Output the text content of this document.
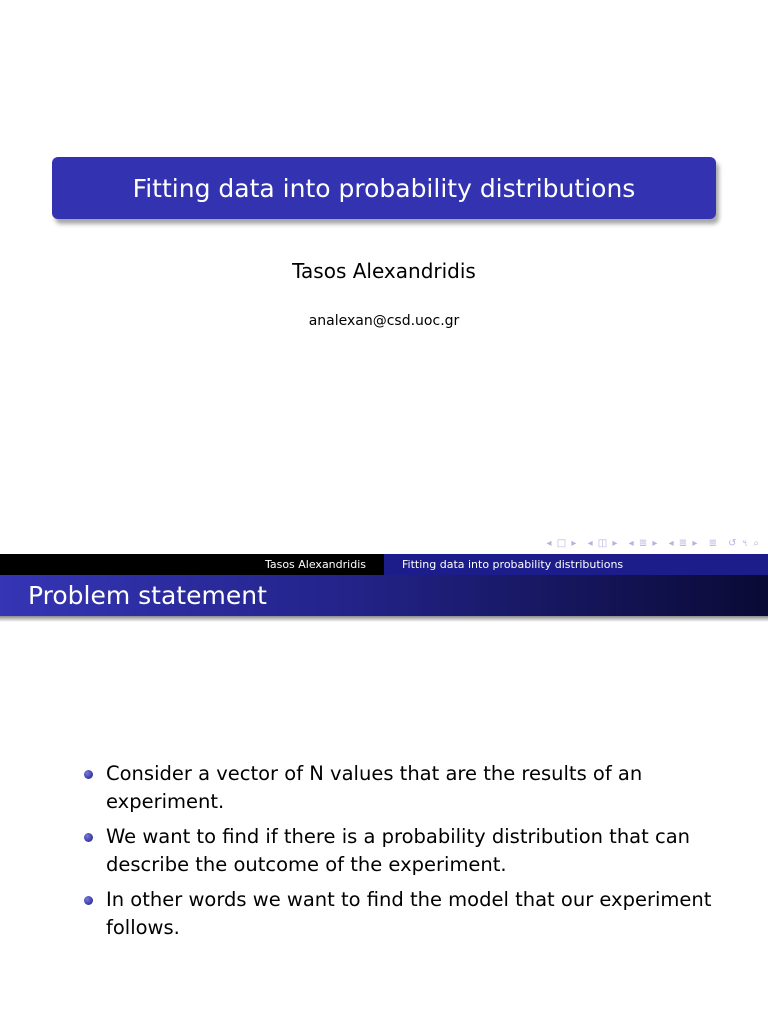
Fitting data into probability distributions
Tasos Alexandridis
analexan@csd.uoc.gr
◂ □ ▸ ◂ ◫ ▸ ◂ ≣ ▸ ◂ ≣ ▸ ≣ ↺ ৭ ⌕
Tasos Alexandridis	Fitting data into probability distributions
Problem statement
Consider a vector of N values that are the results of an experiment.
We want to find if there is a probability distribution that can describe the outcome of the experiment.
In other words we want to find the model that our experiment follows.
